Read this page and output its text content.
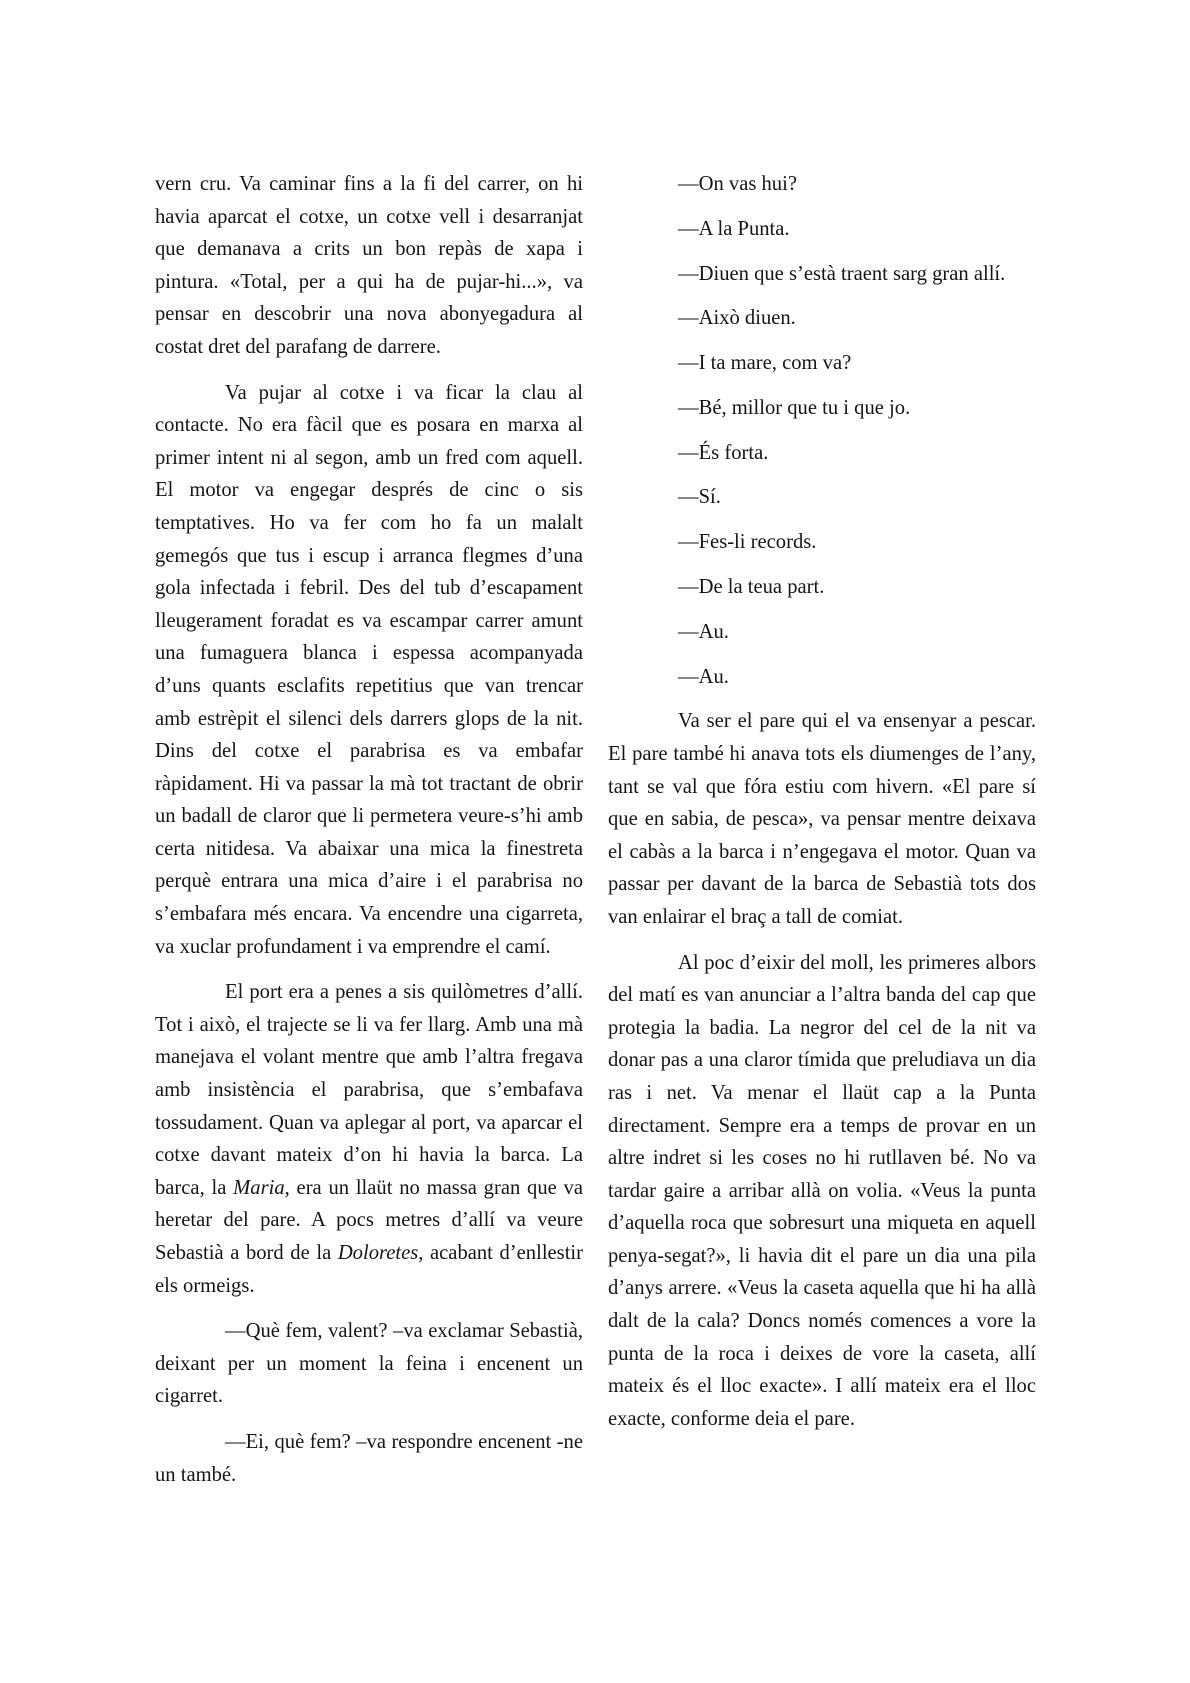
vern cru. Va caminar fins a la fi del carrer, on hi havia aparcat el cotxe, un cotxe vell i desarranjat que demanava a crits un bon repàs de xapa i pintura. «Total, per a qui ha de pujar-hi...», va pensar en descobrir una nova abonyegadura al costat dret del parafang de darrere.

Va pujar al cotxe i va ficar la clau al contacte. No era fàcil que es posara en marxa al primer intent ni al segon, amb un fred com aquell. El motor va engegar després de cinc o sis temptatives. Ho va fer com ho fa un malalt gemegós que tus i escup i arranca flegmes d’una gola infectada i febril. Des del tub d’escapament lleugerament foradat es va escampar carrer amunt una fumaguera blanca i espessa acompanyada d’uns quants esclafits repetitius que van trencar amb estrèpit el silenci dels darrers glops de la nit. Dins del cotxe el parabrisa es va embafar ràpidament. Hi va passar la mà tot tractant de obrir un badall de claror que li permetera veure-s’hi amb certa nitidesa. Va abaixar una mica la finestreta perquè entrara una mica d’aire i el parabrisa no s’embafara més encara. Va encendre una cigarreta, va xuclar profundament i va emprendre el camí.

El port era a penes a sis quilòmetres d’allí. Tot i això, el trajecte se li va fer llarg. Amb una mà manejava el volant mentre que amb l’altra fregava amb insistència el parabrisa, que s’embafava tossudament. Quan va aplegar al port, va aparcar el cotxe davant mateix d’on hi havia la barca. La barca, la Maria, era un llaüt no massa gran que va heretar del pare. A pocs metres d’allí va veure Sebastià a bord de la Doloretes, acabant d’enllestir els ormeigs.

—Què fem, valent? –va exclamar Sebastià, deixant per un moment la feina i encenent un cigarret.

—Ei, què fem? –va respondre encenent -ne un també.

—On vas hui?

—A la Punta.

—Diuen que s’està traent sarg gran allí.

—Això diuen.

—I ta mare, com va?

—Bé, millor que tu i que jo.

—És forta.

—Sí.

—Fes-li records.

—De la teua part.

—Au.

—Au.

Va ser el pare qui el va ensenyar a pescar. El pare també hi anava tots els diumenges de l’any, tant se val que fóra estiu com hivern. «El pare sí que en sabia, de pesca», va pensar mentre deixava el cabàs a la barca i n’engegava el motor. Quan va passar per davant de la barca de Sebastià tots dos van enlairar el braç a tall de comiat.

Al poc d’eixir del moll, les primeres albors del matí es van anunciar a l’altra banda del cap que protegia la badia. La negror del cel de la nit va donar pas a una claror tímida que preludiava un dia ras i net. Va menar el llaüt cap a la Punta directament. Sempre era a temps de provar en un altre indret si les coses no hi rutllaven bé. No va tardar gaire a arribar allà on volia. «Veus la punta d’aquella roca que sobresurt una miqueta en aquell penya-segat?», li havia dit el pare un dia una pila d’anys arrere. «Veus la caseta aquella que hi ha allà dalt de la cala? Doncs només comences a vore la punta de la roca i deixes de vore la caseta, allí mateix és el lloc exacte». I allí mateix era el lloc exacte, conforme deia el pare.
